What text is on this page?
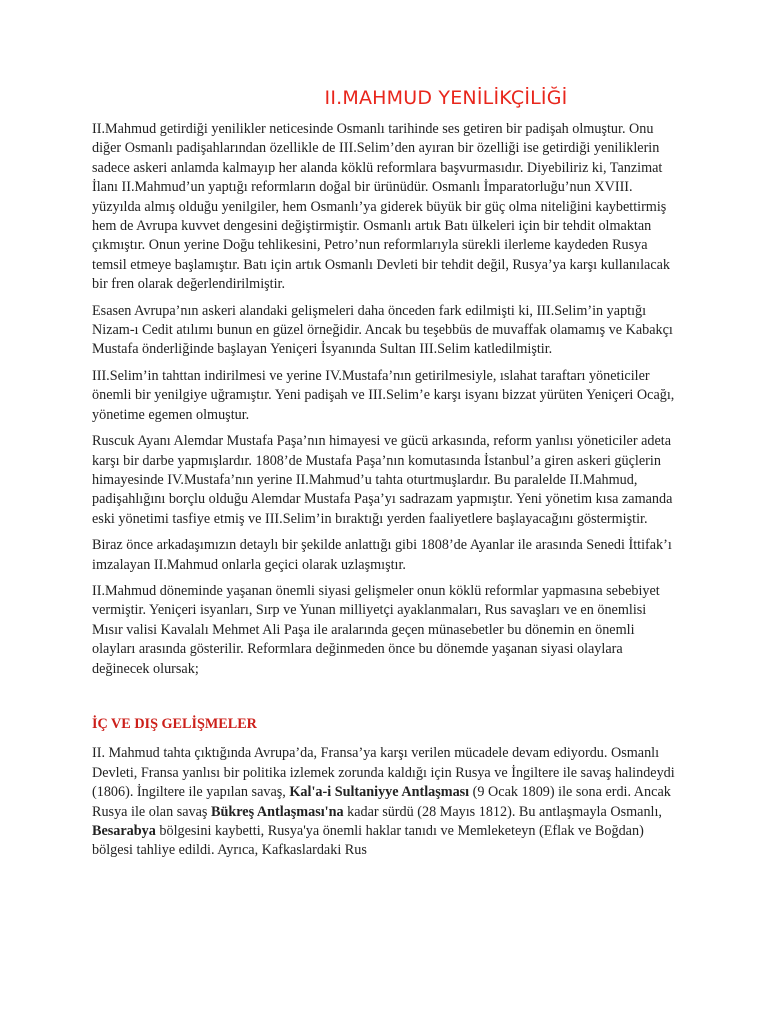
II.MAHMUD YENİLİKÇİLİĞİ

II.Mahmud getirdiği yenilikler neticesinde Osmanlı tarihinde ses getiren bir padişah olmuştur. Onu diğer Osmanlı padişahlarından özellikle de III.Selim’den ayıran bir özelliği ise getirdiği yeniliklerin sadece askeri anlamda kalmayıp her alanda köklü reformlara başvurmasıdır. Diyebiliriz ki, Tanzimat İlanı II.Mahmud’un yaptığı reformların doğal bir ürünüdür. Osmanlı İmparatorluğu’nun XVIII. yüzyılda almış olduğu yenilgiler, hem Osmanlı’ya giderek büyük bir güç olma niteliğini kaybettirmiş hem de Avrupa kuvvet dengesini değiştirmiştir. Osmanlı artık Batı ülkeleri için bir tehdit olmaktan çıkmıştır. Onun yerine Doğu tehlikesini, Petro’nun reformlarıyla sürekli ilerleme kaydeden Rusya temsil etmeye başlamıştır. Batı için artık Osmanlı Devleti bir tehdit değil, Rusya’ya karşı kullanılacak bir fren olarak değerlendirilmiştir.

Esasen Avrupa’nın askeri alandaki gelişmeleri daha önceden fark edilmişti ki, III.Selim’in yaptığı Nizam-ı Cedit atılımı bunun en güzel örneğidir. Ancak bu teşebbüs de muvaffak olamamış ve Kabakçı Mustafa önderliğinde başlayan Yeniçeri İsyanında Sultan III.Selim katledilmiştir.

III.Selim’in tahttan indirilmesi ve yerine IV.Mustafa’nın getirilmesiyle, ıslahat taraftarı yöneticiler önemli bir yenilgiye uğramıştır. Yeni padişah ve III.Selim’e karşı isyanı bizzat yürüten Yeniçeri Ocağı, yönetime egemen olmuştur.

Ruscuk Ayanı Alemdar Mustafa Paşa’nın himayesi ve gücü arkasında, reform yanlısı yöneticiler adeta karşı bir darbe yapmışlardır. 1808’de Mustafa Paşa’nın komutasında İstanbul’a giren askeri güçlerin himayesinde IV.Mustafa’nın yerine II.Mahmud’u tahta oturtmuşlardır. Bu paralelde II.Mahmud, padişahlığını borçlu olduğu Alemdar Mustafa Paşa’yı sadrazam yapmıştır. Yeni yönetim kısa zamanda eski yönetimi tasfiye etmiş ve III.Selim’in bıraktığı yerden faaliyetlere başlayacağını göstermiştir.

Biraz önce arkadaşımızın detaylı bir şekilde anlattığı gibi 1808’de Ayanlar ile arasında Senedi İttifak’ı imzalayan II.Mahmud onlarla geçici olarak uzlaşmıştır.

II.Mahmud döneminde yaşanan önemli siyasi gelişmeler onun köklü reformlar yapmasına sebebiyet vermiştir. Yeniçeri isyanları, Sırp ve Yunan milliyetçi ayaklanmaları, Rus savaşları ve en önemlisi Mısır valisi Kavalalı Mehmet Ali Paşa ile aralarında geçen münasebetler bu dönemin en önemli olayları arasında gösterilir. Reformlara değinmeden önce bu dönemde yaşanan siyasi olaylara değinecek olursak;

İÇ VE DIŞ GELİŞMELER

II. Mahmud tahta çıktığında Avrupa’da, Fransa’ya karşı verilen mücadele devam ediyordu. Osmanlı Devleti, Fransa yanlısı bir politika izlemek zorunda kaldığı için Rusya ve İngiltere ile savaş halindeydi (1806). İngiltere ile yapılan savaş, Kal'a-i Sultaniyye Antlaşması (9 Ocak 1809) ile sona erdi. Ancak Rusya ile olan savaş Bükreş Antlaşması'na kadar sürdü (28 Mayıs 1812). Bu antlaşmayla Osmanlı, Besarabya bölgesini kaybetti, Rusya'ya önemli haklar tanıdı ve Memleketeyn (Eflak ve Boğdan) bölgesi tahliye edildi. Ayrıca, Kafkaslardaki Rus
